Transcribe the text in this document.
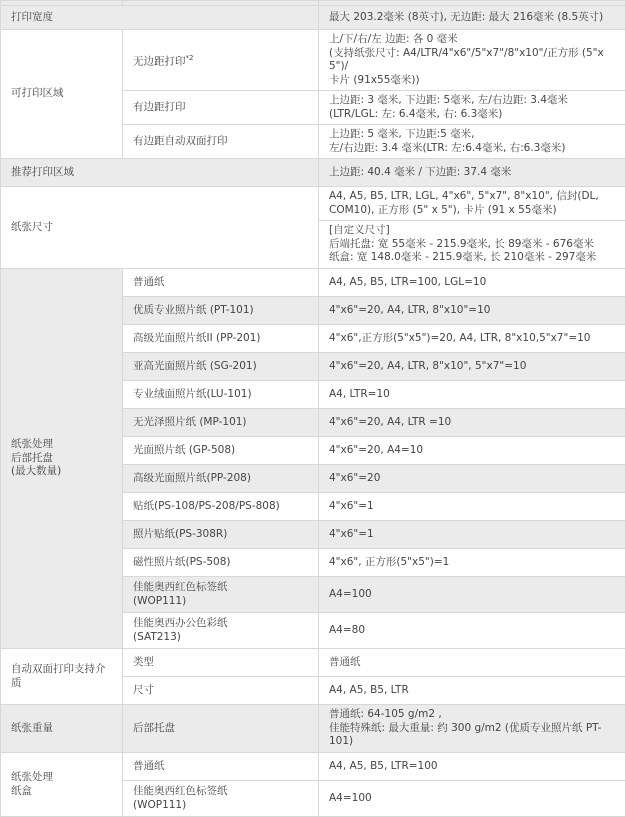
打印宽度		最大 203.2毫米 (8英寸), 无边距: 最大 216毫米 (8.5英寸)
可打印区域	无边距打印$^{*2}$	上/下/右/左 边距: 各 0 毫米
(支持纸张尺寸: A4/LTR/4"x6"/5"x7"/8"x10"/正方形 (5"x5")/
卡片 (91x55毫米))
	有边距打印	上边距: 3 毫米, 下边距: 5毫米, 左/右边距: 3.4毫米
(LTR/LGL: 左: 6.4毫米, 右: 6.3毫米)
	有边距自动双面打印	上边距: 5 毫米, 下边距:5 毫米,
左/右边距: 3.4 毫米(LTR: 左:6.4毫米, 右:6.3毫米)
推荐打印区域		上边距: 40.4 毫米 / 下边距: 37.4 毫米
纸张尺寸		A4, A5, B5, LTR, LGL, 4"x6", 5"x7", 8"x10", 信封(DL,
COM10), 正方形 (5" x 5"), 卡片 (91 x 55毫米)
		[自定义尺寸]
后端托盘: 宽 55毫米 - 215.9毫米, 长 89毫米 - 676毫米
纸盒: 宽 148.0毫米 - 215.9毫米, 长 210毫米 - 297毫米
纸张处理
后部托盘
(最大数量)	普通纸	A4, A5, B5, LTR=100, LGL=10
	优质专业照片纸 (PT-101)	4"x6"=20, A4, LTR, 8"x10"=10
	高级光面照片纸II (PP-201)	4"x6",正方形(5"x5")=20, A4, LTR, 8"x10,5"x7"=10
	亚高光面照片纸 (SG-201)	4"x6"=20, A4, LTR, 8"x10", 5"x7"=10
	专业绒面照片纸(LU-101)	A4, LTR=10
	无光泽照片纸 (MP-101)	4"x6"=20, A4, LTR =10
	光面照片纸 (GP-508)	4"x6"=20, A4=10
	高级光面照片纸(PP-208)	4"x6"=20
	贴纸(PS-108/PS-208/PS-808)	4"x6"=1
	照片贴纸(PS-308R)	4"x6"=1
	磁性照片纸(PS-508)	4"x6", 正方形(5"x5")=1
	佳能奥西红色标签纸
(WOP111)	A4=100
	佳能奥西办公色彩纸
(SAT213)	A4=80
自动双面打印支持介
质	类型	普通纸
	尺寸	A4, A5, B5, LTR
纸张重量	后部托盘	普通纸: 64-105 g/m2 ,
佳能特殊纸: 最大重量: 约 300 g/m2 (优质专业照片纸 PT-
101)
纸张处理
纸盒	普通纸	A4, A5, B5, LTR=100
	佳能奥西红色标签纸
(WOP111)	A4=100
